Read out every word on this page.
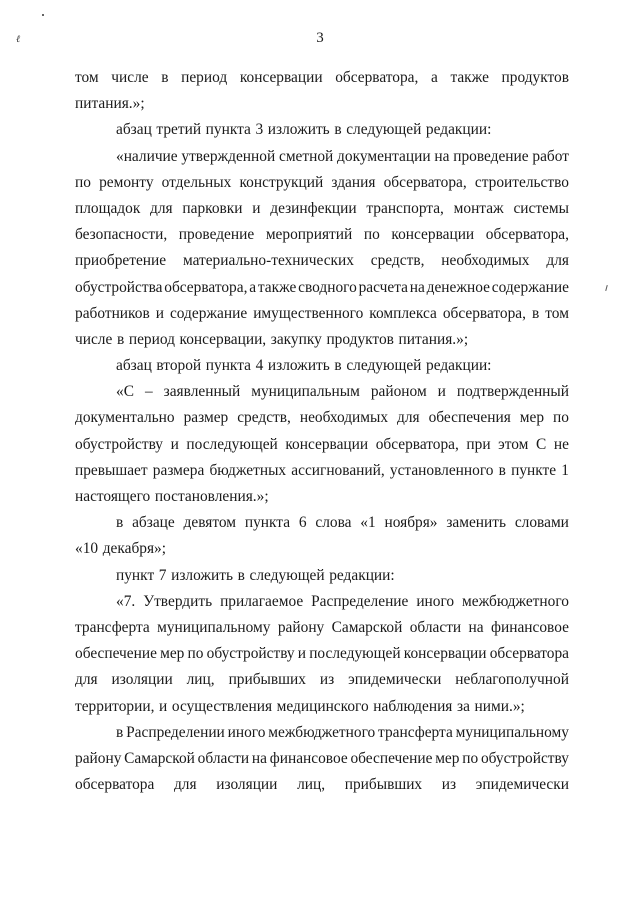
ℓ	3
том числе в период консервации обсерватора, а также продуктов
питания.»;
абзац третий пункта 3 изложить в следующей редакции:
«наличие утвержденной сметной документации на проведение работ
по ремонту отдельных конструкций здания обсерватора, строительство
площадок для парковки и дезинфекции транспорта, монтаж системы
безопасности, проведение мероприятий по консервации обсерватора,
приобретение материально-технических средств, необходимых для
обустройства обсерватора, а также сводного расчета на денежное содержание
работников и содержание имущественного комплекса обсерватора, в том
числе в период консервации, закупку продуктов питания.»;
абзац второй пункта 4 изложить в следующей редакции:
«С – заявленный муниципальным районом и подтвержденный
документально размер средств, необходимых для обеспечения мер по
обустройству и последующей консервации обсерватора, при этом С не
превышает размера бюджетных ассигнований, установленного в пункте 1
настоящего постановления.»;
в абзаце девятом пункта 6 слова «1 ноября» заменить словами
«10 декабря»;
пункт 7 изложить в следующей редакции:
«7. Утвердить прилагаемое Распределение иного межбюджетного
трансферта муниципальному району Самарской области на финансовое
обеспечение мер по обустройству и последующей консервации обсерватора
для изоляции лиц, прибывших из эпидемически неблагополучной
территории, и осуществления медицинского наблюдения за ними.»;
в Распределении иного межбюджетного трансферта муниципальному
району Самарской области на финансовое обеспечение мер по обустройству
обсерватора для изоляции лиц, прибывших из эпидемически
